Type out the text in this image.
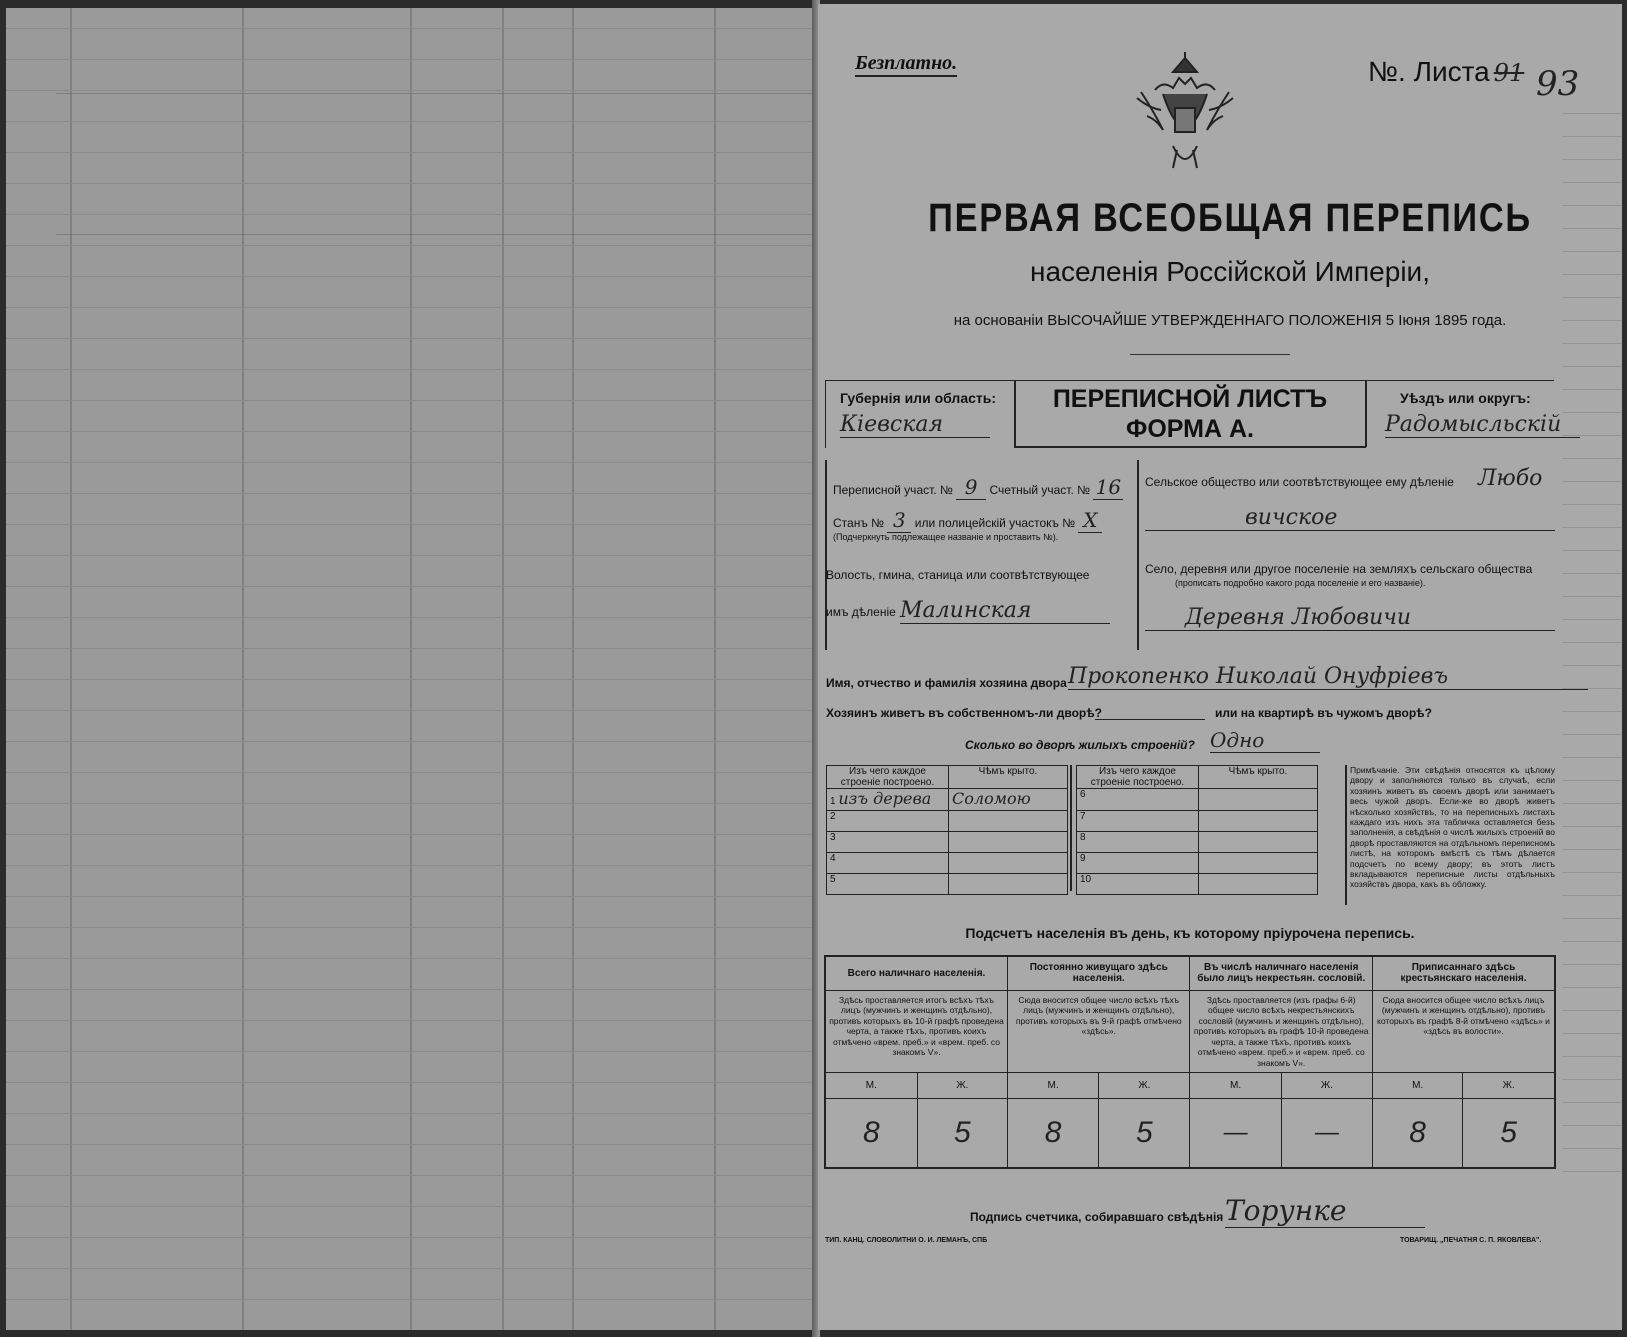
Безплатно.	№. Листа 91 93
ПЕРВАЯ ВСЕОБЩАЯ ПЕРЕПИСЬ
населенія Россійской Имперіи,
на основаніи ВЫСОЧАЙШЕ УТВЕРЖДЕННАГО ПОЛОЖЕНІЯ 5 Іюня 1895 года.
Губернія или область:
Кіевская
ПЕРЕПИСНОЙ ЛИСТЪ
ФОРМА А.
Уѣздъ или округъ:
Радомысльскій
Переписной участ. № 9 Счетный участ. № 16
Станъ № 3 или полицейскій участокъ № Х
(Подчеркнуть подлежащее названіе и проставить №).
Волость, гмина, станица или соотвѣтствующее
имъ дѣленіе Малинская
Сельское общество или соотвѣтствующее ему дѣленіе Любо
вичское
Село, деревня или другое поселеніе на земляхъ сельскаго общества
(прописать подробно какого рода поселеніе и его названіе).
Деревня Любовичи
Имя, отчество и фамилія хозяина двора Прокопенко Николай Онуфріевъ
Хозяинъ живетъ въ собственномъ-ли дворѣ?	или на квартирѣ въ чужомъ дворѣ?
Сколько во дворѣ жилыхъ строеній? Одно
Изъ чего каждое строеніе построено.	Чѣмъ крыто.
1 изъ дерева	Соломою
2	
3	
4	
5	
Изъ чего каждое строеніе построено.	Чѣмъ крыто.
6	
7	
8	
9	
10	
Примѣчаніе. Эти свѣдѣнія относятся къ цѣлому двору и заполняются только въ случаѣ, если хозяинъ живетъ въ своемъ дворѣ или занимаетъ весь чужой дворъ. Если-же во дворѣ живетъ нѣсколько хозяйствъ, то на переписныхъ листахъ каждаго изъ нихъ эта табличка оставляется безъ заполненія, а свѣдѣнія о числѣ жилыхъ строеній во дворѣ проставляются на отдѣльномъ переписномъ листѣ, на которомъ вмѣстѣ съ тѣмъ дѣлается подсчетъ по всему двору; въ этотъ листъ вкладываются переписные листы отдѣльныхъ хозяйствъ двора, какъ въ обложку.
Подсчетъ населенія въ день, къ которому пріурочена перепись.
Всего наличнаго населенія.		Постоянно живущаго здѣсь населенія.		Въ числѣ наличнаго населенія было лицъ некрестьян. сословій.		Приписаннаго здѣсь крестьянскаго населенія.	
Здѣсь проставляется итогъ всѣхъ тѣхъ лицъ (мужчинъ и женщинъ отдѣльно), противъ которыхъ въ 10-й графѣ проведена черта, а также тѣхъ, противъ коихъ отмѣчено «врем. преб.» и «врем. преб. со знакомъ V».		Сюда вносится общее число всѣхъ тѣхъ лицъ (мужчинъ и женщинъ отдѣльно), противъ которыхъ въ 9-й графѣ отмѣчено «здѣсь».		Здѣсь проставляется (изъ графы 6-й) общее число всѣхъ некрестьянскихъ сословій (мужчинъ и женщинъ отдѣльно), противъ которыхъ въ графѣ 10-й проведена черта, а также тѣхъ, противъ коихъ отмѣчено «врем. преб.» и «врем. преб. со знакомъ V».		Сюда вносится общее число всѣхъ лицъ (мужчинъ и женщинъ отдѣльно), противъ которыхъ въ графѣ 8-й отмѣчено «здѣсь» и «здѣсь въ волости».	
М.	Ж.	М.	Ж.	М.	Ж.	М.	Ж.
8	5	8	5	—	—	8	5
Подпись счетчика, собиравшаго свѣдѣнія Торунке
ТИП. КАНЦ. СЛОВОЛИТНИ О. И. ЛЕМАНЪ, СПБ	ТОВАРИЩ. „ПЕЧАТНЯ С. П. ЯКОВЛЕВА".
